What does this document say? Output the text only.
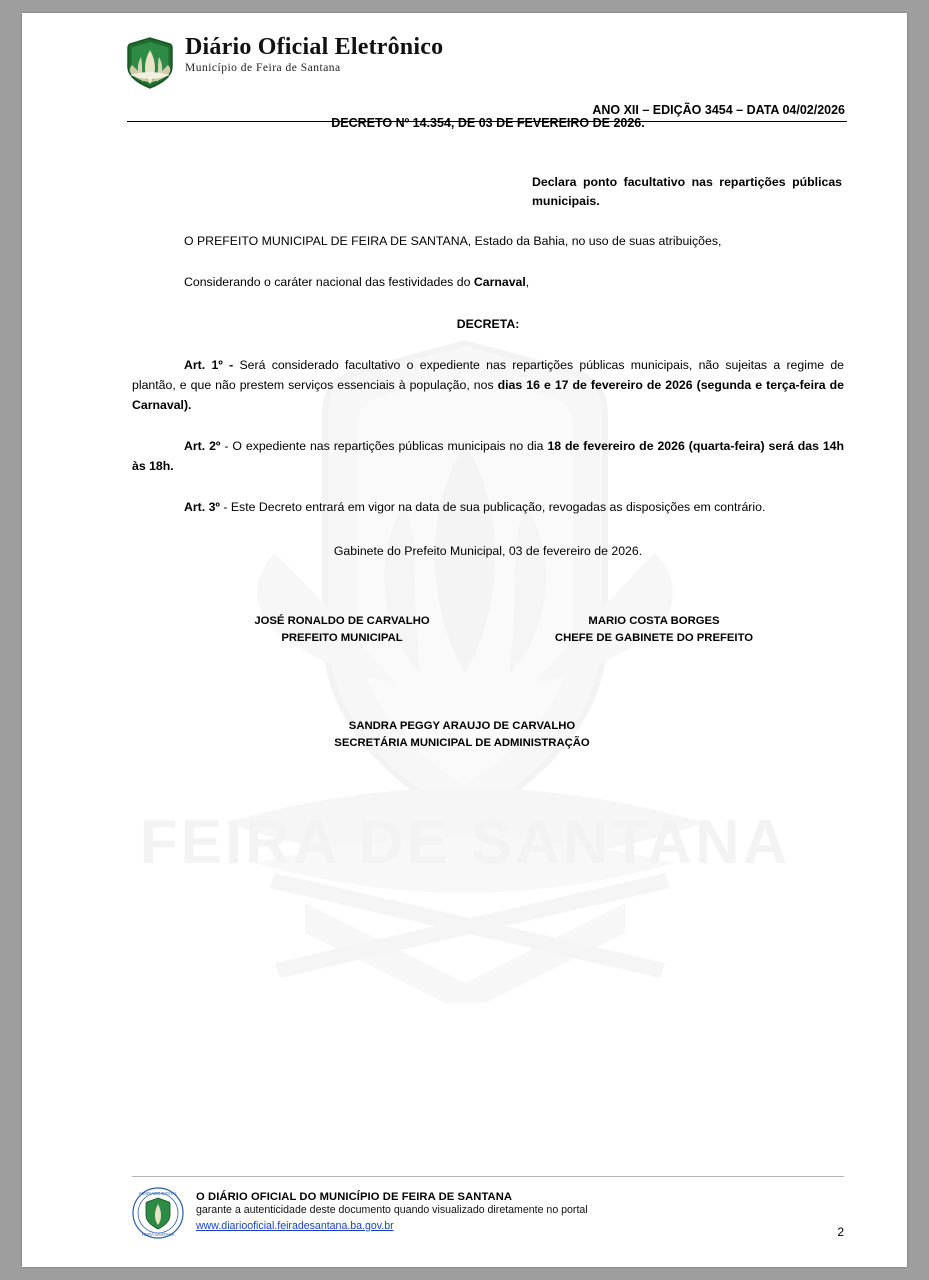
FEIRA DE SANTANA
Diário Oficial Eletrônico
Município de Feira de Santana
ANO XII – EDIÇÃO 3454 – DATA 04/02/2026
DECRETO Nº 14.354, DE 03 DE FEVEREIRO DE 2026.
Declara ponto facultativo nas repartições públicas municipais.
O PREFEITO MUNICIPAL DE FEIRA DE SANTANA, Estado da Bahia, no uso de suas atribuições,
Considerando o caráter nacional das festividades do Carnaval,
DECRETA:
Art. 1º - Será considerado facultativo o expediente nas repartições públicas municipais, não sujeitas a regime de plantão, e que não prestem serviços essenciais à população, nos dias 16 e 17 de fevereiro de 2026 (segunda e terça-feira de Carnaval).
Art. 2º - O expediente nas repartições públicas municipais no dia 18 de fevereiro de 2026 (quarta-feira) será das 14h às 18h.
Art. 3º - Este Decreto entrará em vigor na data de sua publicação, revogadas as disposições em contrário.
Gabinete do Prefeito Municipal, 03 de fevereiro de 2026.
JOSÉ RONALDO DE CARVALHO
PREFEITO MUNICIPAL
MARIO COSTA BORGES
CHEFE DE GABINETE DO PREFEITO
SANDRA PEGGY ARAUJO DE CARVALHO
SECRETÁRIA MUNICIPAL DE ADMINISTRAÇÃO
ASSINADO DIGITAL
FEIRA SANTANA
O DIÁRIO OFICIAL DO MUNICÍPIO DE FEIRA DE SANTANA
garante a autenticidade deste documento quando visualizado diretamente no portal
www.diariooficial.feiradesantana.ba.gov.br	2
